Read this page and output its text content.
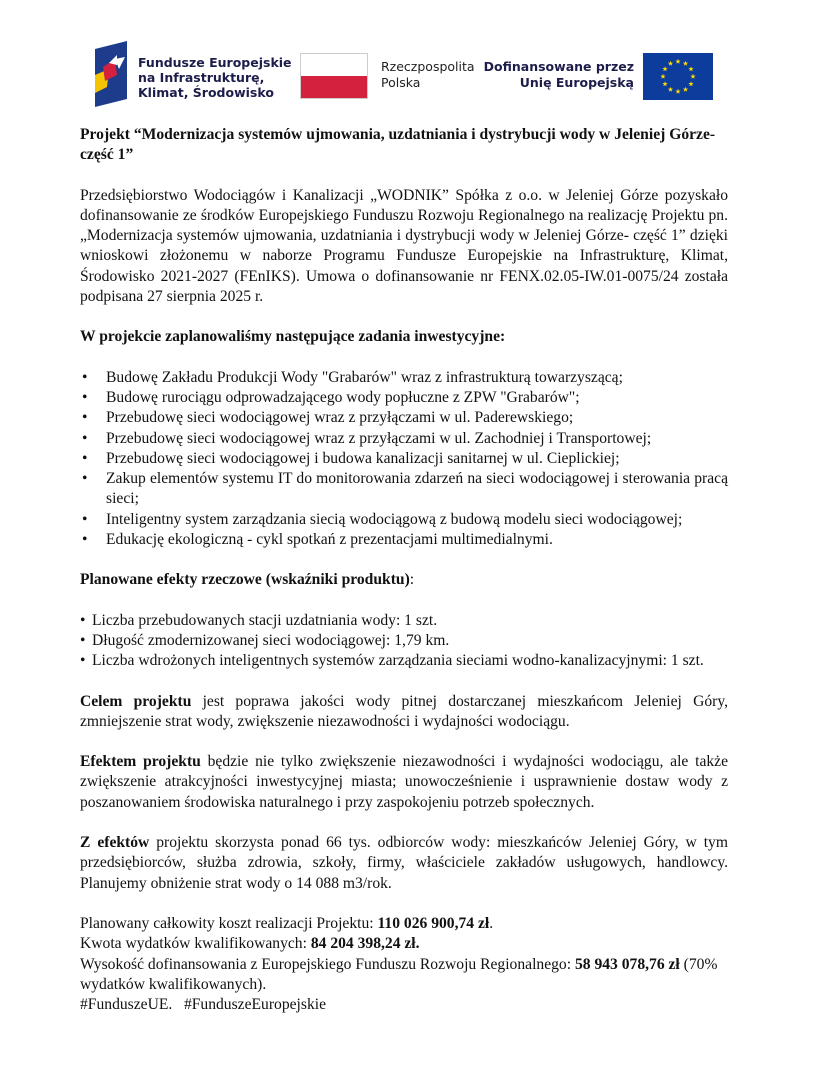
Fundusze Europejskie
na Infrastrukturę,
Klimat, Środowisko
Rzeczpospolita
Polska
Dofinansowane przez
Unię Europejską

Projekt “Modernizacja systemów ujmowania, uzdatniania i dystrybucji wody w Jeleniej Górze- część 1”

Przedsiębiorstwo Wodociągów i Kanalizacji „WODNIK” Spółka z o.o. w Jeleniej Górze pozyskało dofinansowanie ze środków Europejskiego Funduszu Rozwoju Regionalnego na realizację Projektu pn. „Modernizacja systemów ujmowania, uzdatniania i dystrybucji wody w Jeleniej Górze- część 1” dzięki wnioskowi złożonemu w naborze Programu Fundusze Europejskie na Infrastrukturę, Klimat, Środowisko 2021-2027 (FEnIKS). Umowa o dofinansowanie nr FENX.02.05-IW.01-0075/24 została podpisana 27 sierpnia 2025 r.

W projekcie zaplanowaliśmy następujące zadania inwestycyjne:

• Budowę Zakładu Produkcji Wody "Grabarów" wraz z infrastrukturą towarzyszącą;
• Budowę rurociągu odprowadzającego wody popłuczne z ZPW "Grabarów";
• Przebudowę sieci wodociągowej wraz z przyłączami w ul. Paderewskiego;
• Przebudowę sieci wodociągowej wraz z przyłączami w ul. Zachodniej i Transportowej;
• Przebudowę sieci wodociągowej i budowa kanalizacji sanitarnej w ul. Cieplickiej;
• Zakup elementów systemu IT do monitorowania zdarzeń na sieci wodociągowej i sterowania pracą sieci;
• Inteligentny system zarządzania siecią wodociągową z budową modelu sieci wodociągowej;
• Edukację ekologiczną - cykl spotkań z prezentacjami multimedialnymi.

Planowane efekty rzeczowe (wskaźniki produktu):

• Liczba przebudowanych stacji uzdatniania wody: 1 szt.
• Długość zmodernizowanej sieci wodociągowej: 1,79 km.
• Liczba wdrożonych inteligentnych systemów zarządzania sieciami wodno-kanalizacyjnymi: 1 szt.

Celem projektu jest poprawa jakości wody pitnej dostarczanej mieszkańcom Jeleniej Góry, zmniejszenie strat wody, zwiększenie niezawodności i wydajności wodociągu.

Efektem projektu będzie nie tylko zwiększenie niezawodności i wydajności wodociągu, ale także zwiększenie atrakcyjności inwestycyjnej miasta; unowocześnienie i usprawnienie dostaw wody z poszanowaniem środowiska naturalnego i przy zaspokojeniu potrzeb społecznych.

Z efektów projektu skorzysta ponad 66 tys. odbiorców wody: mieszkańców Jeleniej Góry, w tym przedsiębiorców, służba zdrowia, szkoły, firmy, właściciele zakładów usługowych, handlowcy. Planujemy obniżenie strat wody o 14 088 m3/rok.

Planowany całkowity koszt realizacji Projektu: 110 026 900,74 zł.
Kwota wydatków kwalifikowanych: 84 204 398,24 zł.
Wysokość dofinansowania z Europejskiego Funduszu Rozwoju Regionalnego: 58 943 078,76 zł (70% wydatków kwalifikowanych).
#FunduszeUE.   #FunduszeEuropejskie
